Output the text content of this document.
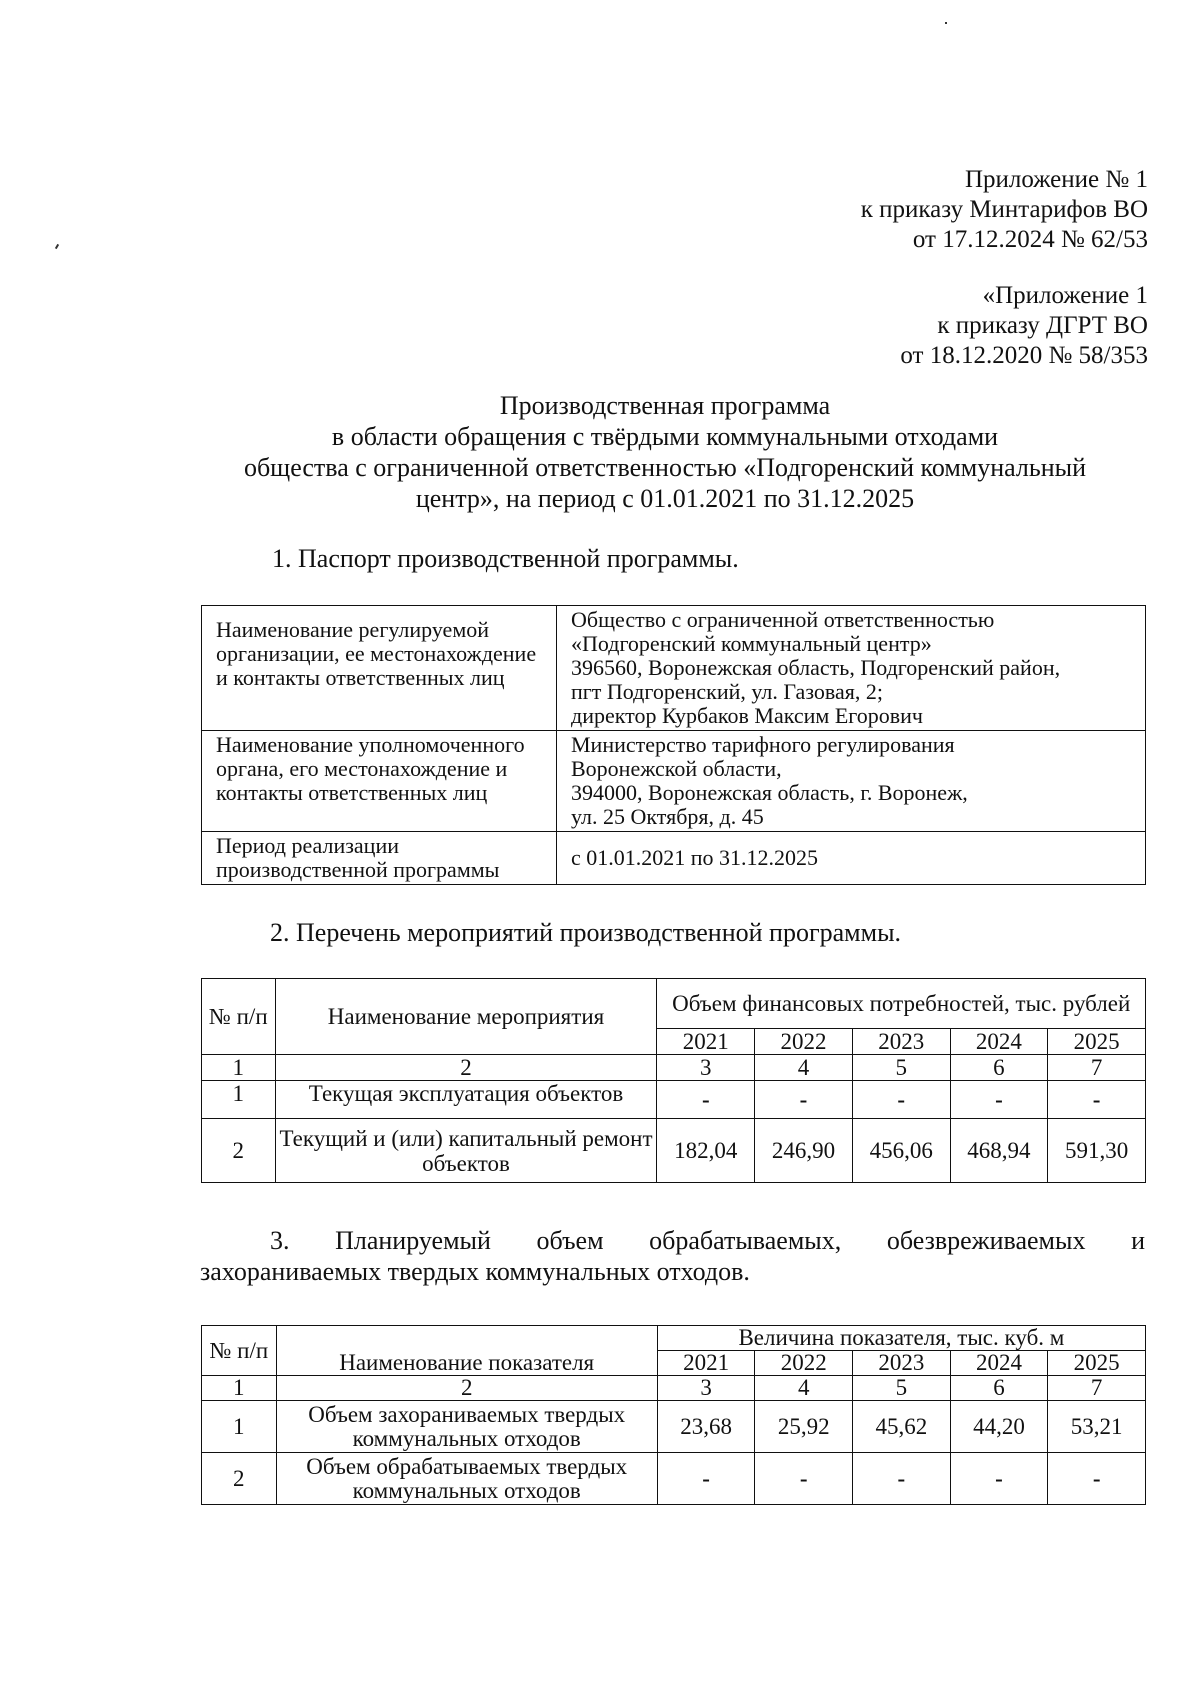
Приложение № 1
к приказу Минтарифов ВО
от 17.12.2024 № 62/53
«Приложение 1
к приказу ДГРТ ВО
от 18.12.2020 № 58/353
Производственная программа
в области обращения с твёрдыми коммунальными отходами
общества с ограниченной ответственностью «Подгоренский коммунальный
центр», на период с 01.01.2021 по 31.12.2025
1. Паспорт производственной программы.
Наименование регулируемой организации, ее местонахождение и контакты ответственных лиц	Общество с ограниченной ответственностью
«Подгоренский коммунальный центр»
396560, Воронежская область, Подгоренский район,
пгт Подгоренский, ул. Газовая, 2;
директор Курбаков Максим Егорович

Наименование уполномоченного органа, его местонахождение и контакты ответственных лиц	Министерство тарифного регулирования
Воронежской области,
394000, Воронежская область, г. Воронеж,
ул. 25 Октября, д. 45

Период реализации производственной программы	с 01.01.2021 по 31.12.2025
2. Перечень мероприятий производственной программы.
№ п/п	Наименование мероприятия	Объем финансовых потребностей, тыс. рублей				
		2021	2022	2023	2024	2025
1	2	3	4	5	6	7
1	Текущая эксплуатация объектов	-	-	-	-	-
2	Текущий и (или) капитальный ремонт объектов	182,04	246,90	456,06	468,94	591,30
3. Планируемый объем обрабатываемых, обезвреживаемых и
захораниваемых твердых коммунальных отходов.
№ п/п	Наименование показателя	Величина показателя, тыс. куб. м				
		2021	2022	2023	2024	2025
1	2	3	4	5	6	7
1	Объем захораниваемых твердых коммунальных отходов	23,68	25,92	45,62	44,20	53,21
2	Объем обрабатываемых твердых коммунальных отходов	-	-	-	-	-
